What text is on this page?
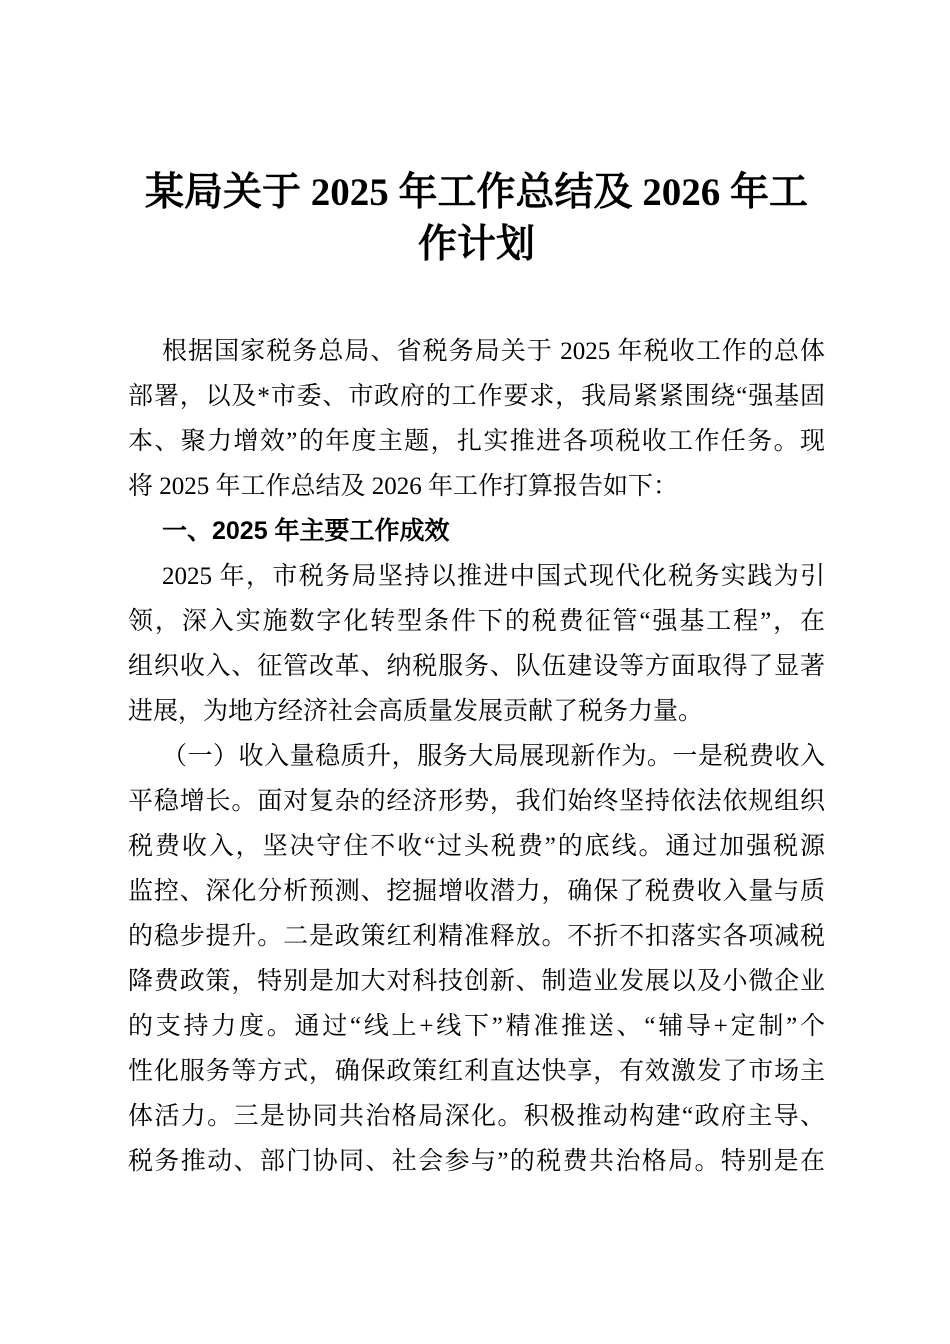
某局关于 2025 年工作总结及 2026 年工
作计划

根据国家税务总局、省税务局关于 2025 年税收工作的总体
部署，以及*市委、市政府的工作要求，我局紧紧围绕“强基固
本、聚力增效”的年度主题，扎实推进各项税收工作任务。现
将 2025 年工作总结及 2026 年工作打算报告如下：

一、2025 年主要工作成效

2025 年，市税务局坚持以推进中国式现代化税务实践为引
领，深入实施数字化转型条件下的税费征管“强基工程”，在
组织收入、征管改革、纳税服务、队伍建设等方面取得了显著
进展，为地方经济社会高质量发展贡献了税务力量。

（一）收入量稳质升，服务大局展现新作为。一是税费收入
平稳增长。面对复杂的经济形势，我们始终坚持依法依规组织
税费收入，坚决守住不收“过头税费”的底线。通过加强税源
监控、深化分析预测、挖掘增收潜力，确保了税费收入量与质
的稳步提升。二是政策红利精准释放。不折不扣落实各项减税
降费政策，特别是加大对科技创新、制造业发展以及小微企业
的支持力度。通过“线上+线下”精准推送、“辅导+定制”个
性化服务等方式，确保政策红利直达快享，有效激发了市场主
体活力。三是协同共治格局深化。积极推动构建“政府主导、
税务推动、部门协同、社会参与”的税费共治格局。特别是在
